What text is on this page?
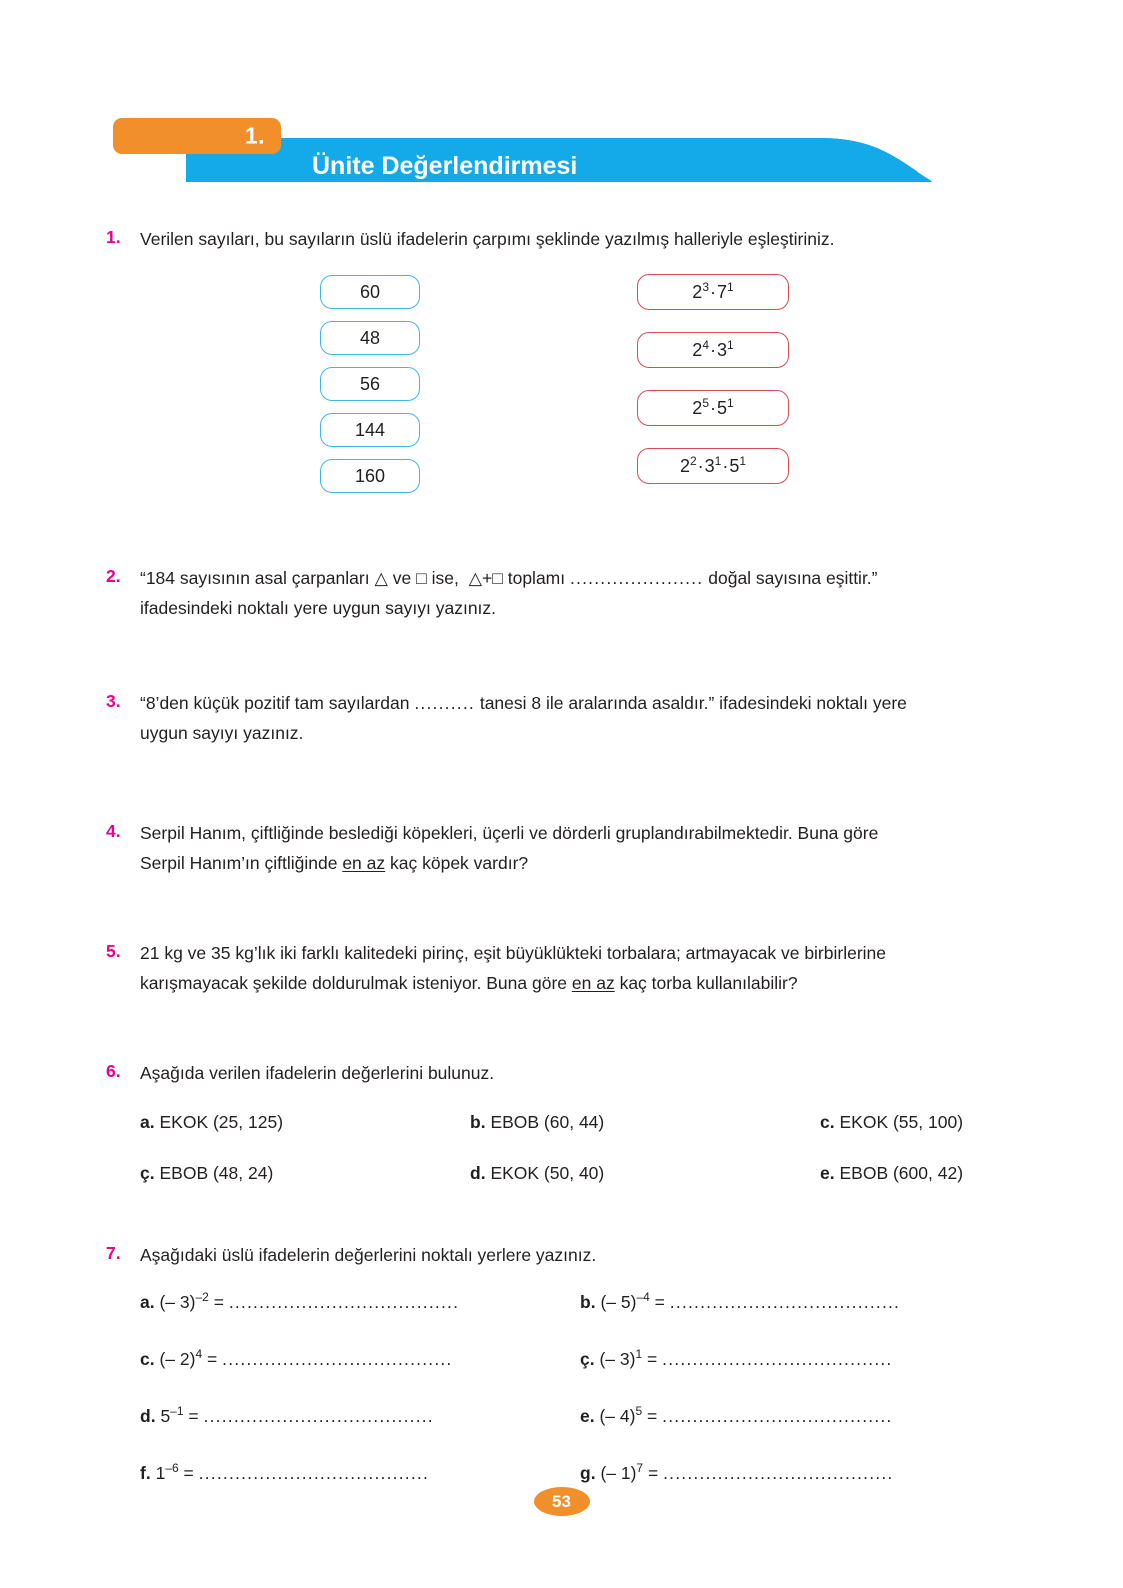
1.
Ünite Değerlendirmesi
1.	Verilen sayıları, bu sayıların üslü ifadelerin çarpımı şeklinde yazılmış halleriyle eşleştiriniz.
60
48
56
144
160
$2^3\cdot 7^1$
$2^4\cdot 3^1$
$2^5\cdot 5^1$
$2^2\cdot 3^1\cdot 5^1$
2.	“184 sayısının asal çarpanları △ ve □ ise, △+□ toplamı ...................... doğal sayısına eşittir.”
ifadesindeki noktalı yere uygun sayıyı yazınız.
3.	“8’den küçük pozitif tam sayılardan .......... tanesi 8 ile aralarında asaldır.” ifadesindeki noktalı yere
uygun sayıyı yazınız.
4.	Serpil Hanım, çiftliğinde beslediği köpekleri, üçerli ve dörderli gruplandırabilmektedir. Buna göre
Serpil Hanım’ın çiftliğinde en az kaç köpek vardır?
5.	21 kg ve 35 kg’lık iki farklı kalitedeki pirinç, eşit büyüklükteki torbalara; artmayacak ve birbirlerine
karışmayacak şekilde doldurulmak isteniyor. Buna göre en az kaç torba kullanılabilir?
6.	Aşağıda verilen ifadelerin değerlerini bulunuz.
a. EKOK (25, 125)	b. EBOB (60, 44)	c. EKOK (55, 100)
ç. EBOB (48, 24)	d. EKOK (50, 40)	e. EBOB (600, 42)
7.	Aşağıdaki üslü ifadelerin değerlerini noktalı yerlere yazınız.
a. (– 3)$^{-2}$ = ......................................	b. (– 5)$^{-4}$ = ......................................
c. (– 2)$^4$ = ......................................	ç. (– 3)$^1$ = ......................................
d. $5^{-1}$ = ......................................	e. (– 4)$^5$ = ......................................
f. $1^{-6}$ = ......................................	g. (– 1)$^7$ = ......................................
53
